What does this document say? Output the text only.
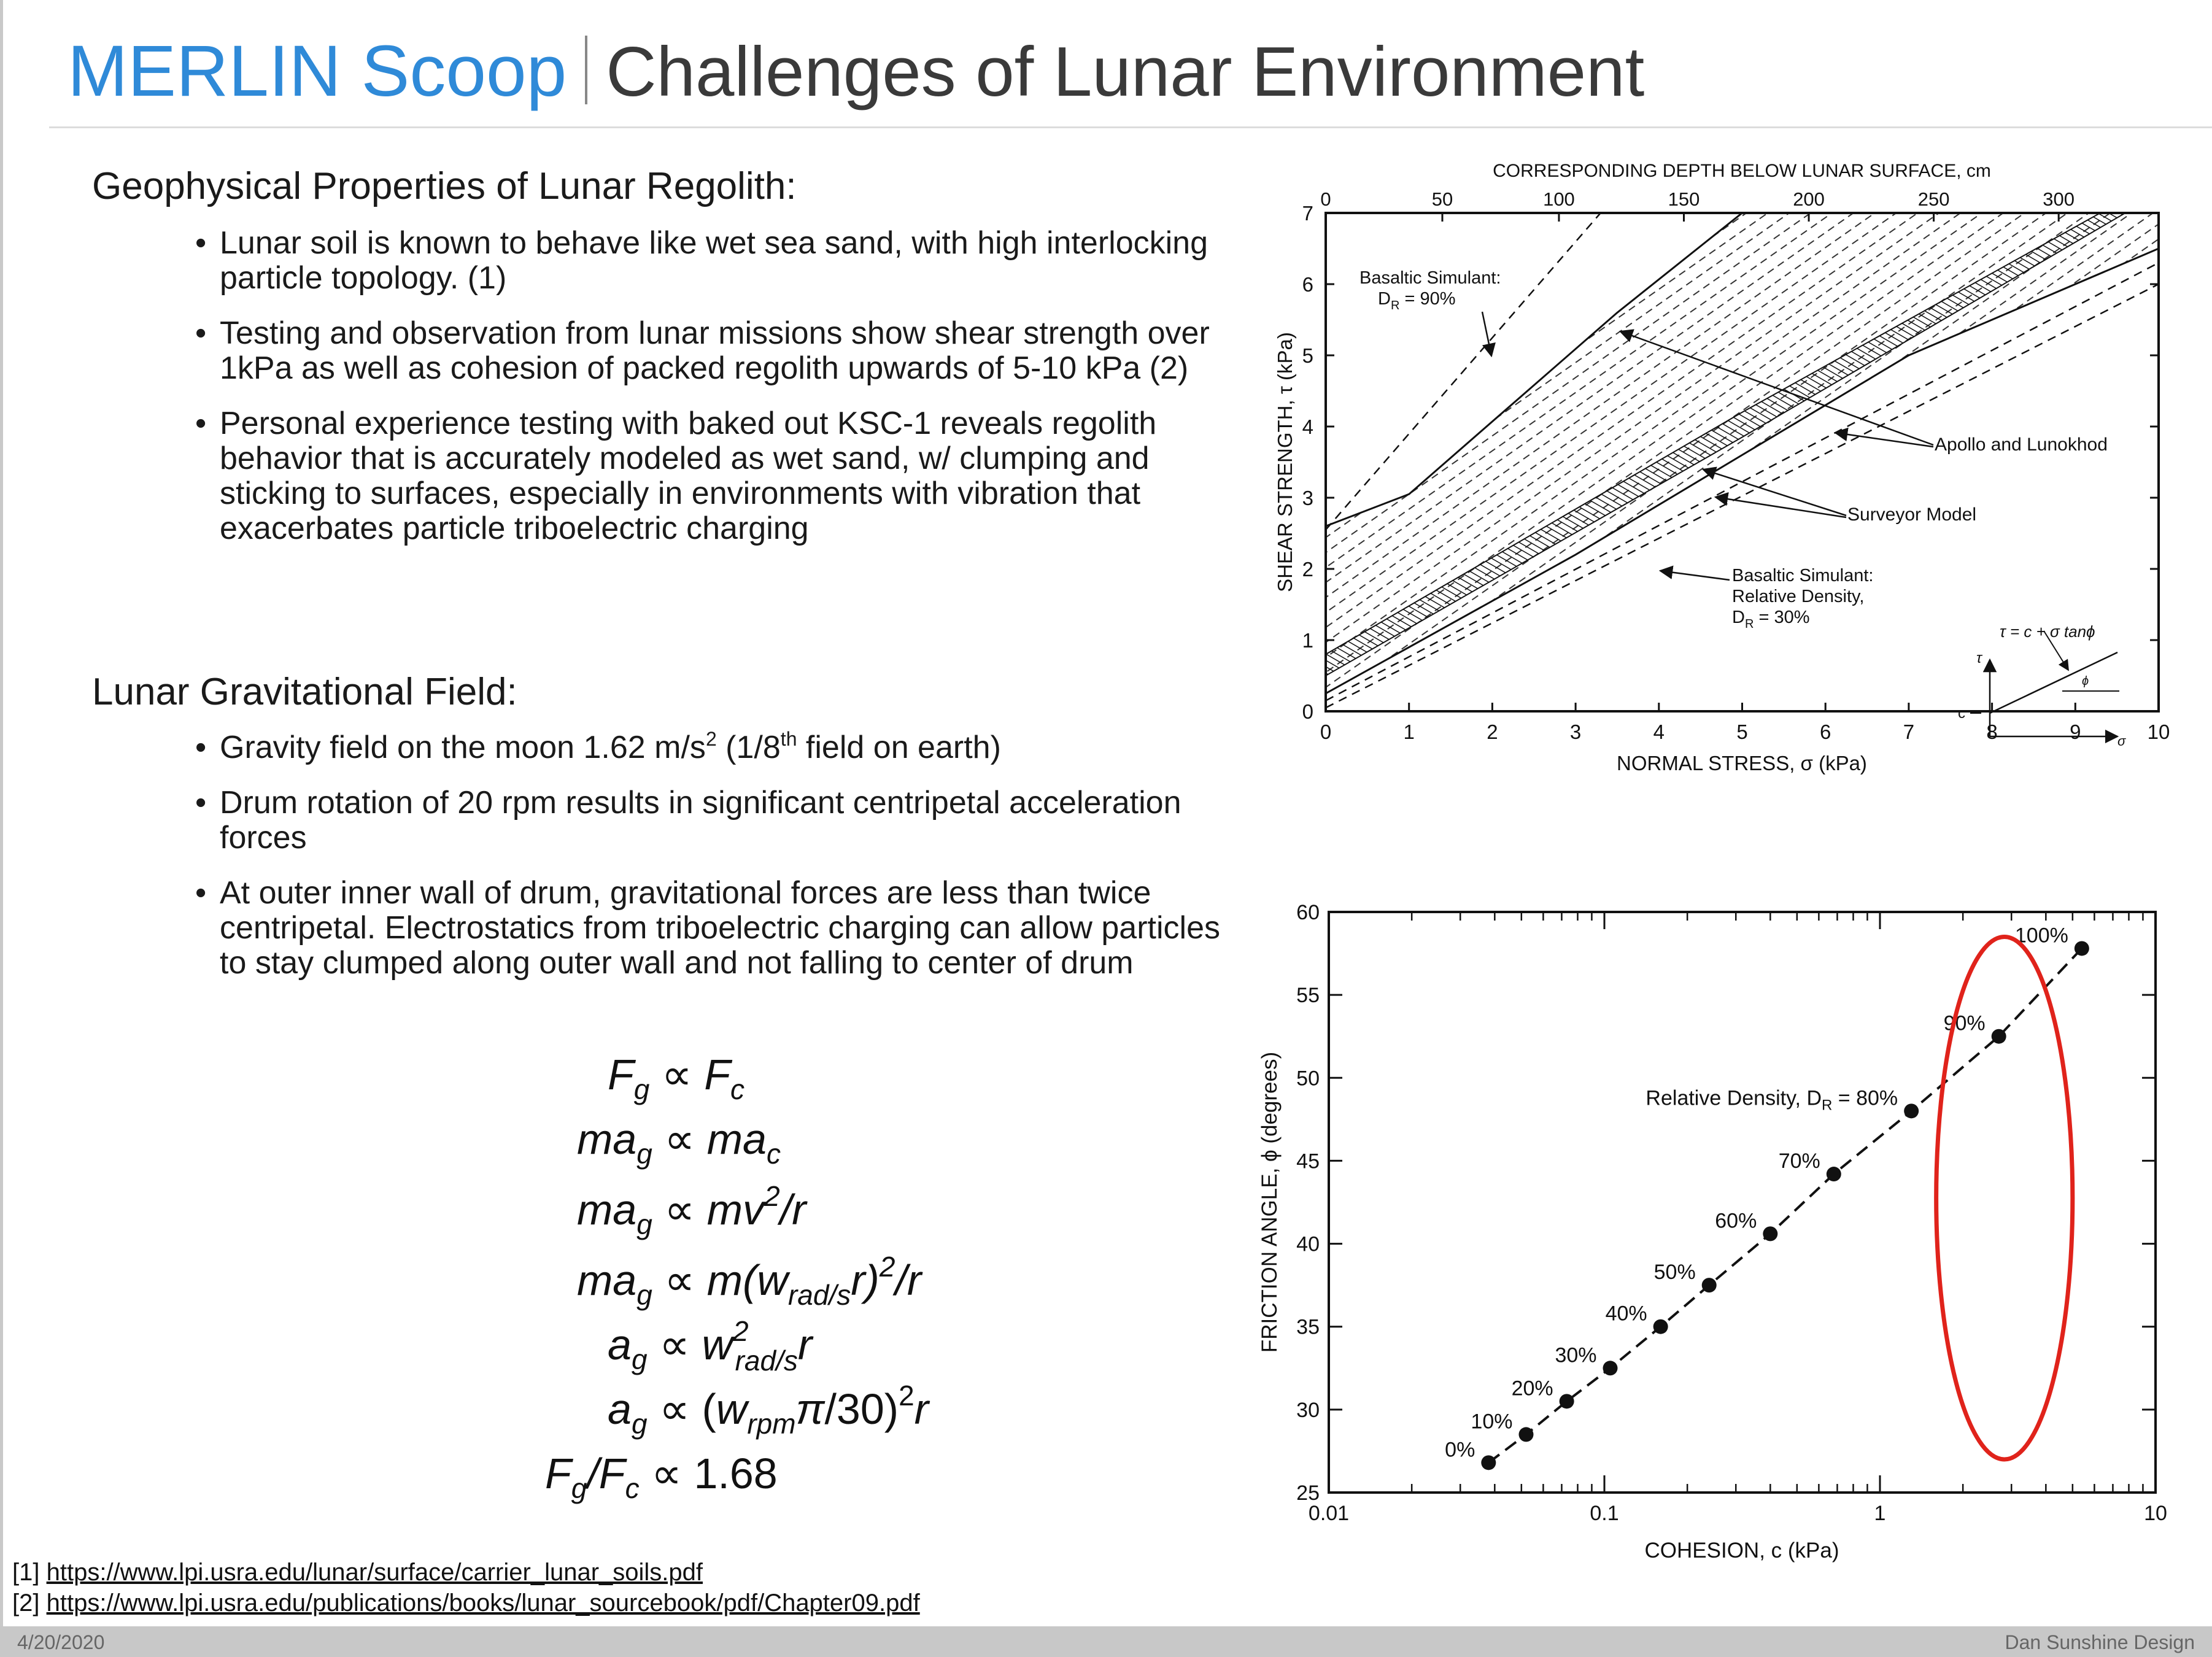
MERLIN Scoop Challenges of Lunar Environment
Geophysical Properties of Lunar Regolith:
• Lunar soil is known to behave like wet sea sand, with high interlocking particle topology. (1)
• Testing and observation from lunar missions show shear strength over 1kPa as well as cohesion of packed regolith upwards of 5-10 kPa (2)
• Personal experience testing with baked out KSC-1 reveals regolith behavior that is accurately modeled as wet sand, w/ clumping and sticking to surfaces, especially in environments with vibration that exacerbates particle triboelectric charging
Lunar Gravitational Field:
• Gravity field on the moon 1.62 $m/s^2$ (1/8th field on earth)
• Drum rotation of 20 rpm results in significant centripetal acceleration forces
• At outer inner wall of drum, gravitational forces are less than twice centripetal. Electrostatics from triboelectric charging can allow particles to stay clumped along outer wall and not falling to center of drum
$F_g \propto F_c$
$ma_g \propto ma_c$
$ma_g \propto mv^2/r$
$ma_g \propto m(w_{rad/s}r)^2/r$
$a_g \propto w^2$ rad/sr
$a_g \propto (w_{rpm}\pi/30)^2r$
$F_g/F_c \propto 1.68$
0	1	2	3	4	5	6	7	8	9	10
0
1
2
3
4
5
6
7
0	50	100	150	200	250	300
CORRESPONDING DEPTH BELOW LUNAR SURFACE, cm
NORMAL STRESS, σ (kPa)
SHEAR STRENGTH, τ (kPa)
Basaltic Simulant: $D_R = 90\%$
Apollo and Lunokhod
Surveyor Model
Basaltic Simulant: Relative Density, $D_R = 30\%$
τ = c + σ tanϕ
τ
c
σ
ϕ
0.01	0.1	1	10
25
30
35
40
45
50
55
60
0%
10%
20%
30%
40%
50%
60%
70%
Relative Density, $D_R = 80\%$
90%
100%
COHESION, c (kPa)
FRICTION ANGLE, ϕ (degrees)
[1] https://www.lpi.usra.edu/lunar/surface/carrier_lunar_soils.pdf
[2] https://www.lpi.usra.edu/publications/books/lunar_sourcebook/pdf/Chapter09.pdf
4/20/2020	Dan Sunshine Design
